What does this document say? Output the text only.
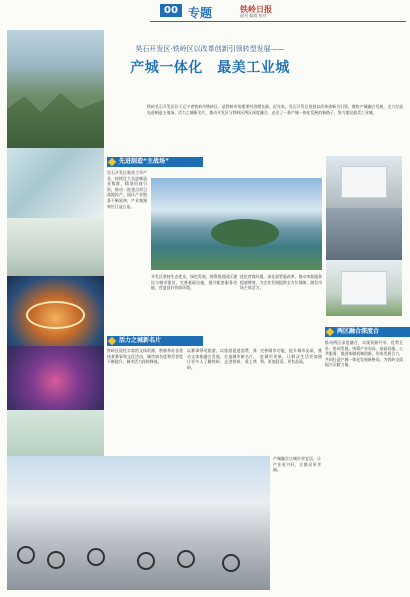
00 专题	铁岭日报
副刊 编辑 校对
昊石开发区·铁岭区以改革创新引领转型发展——
产城一体化　最美工业城
先进制造“主战场”
活力之城新名片
两区融合深度合
铁岭昊石开发区位于辽宁省铁岭市铁岭区，是铁岭市的重要经济增长极。近年来，昊石开发区坚持以改革创新为引领，聚焦产城融合发展，全力打造先进制造主战场、活力之城新名片，推动开发区与铁岭区两区深度融合，走出了一条产城一体化发展的新路子，努力建设最美工业城。
昊石开发区聚焦主导产业，持续壮大先进制造业集群，精准招商引资，推动一批重点项目落地投产，园区产业链条不断延伸，产业集聚效应日益凸显。
开发区坚持生态优先，绿色发展，统筹推进园区建设与城市建设，完善基础设施，提升配套服务功能，营造良好营商环境。
优化营商环境，深化放管服改革，推动审批服务提速增效，为企业发展提供全方位保障，激发市场主体活力。
铁岭区依托丰富的文体资源，积极举办各类体育赛事和文化活动，城市知名度和美誉度不断提升，城市活力持续释放。
以赛事带动旅游、以旅游促进消费，推动文体旅融合发展，打造城市新名片，让更多人了解铁岭、走进铁岭、爱上铁岭。
完善城市功能，提升城市品质，推进城市更新，让群众生活更加便利、更加舒适、更有品质。
推动两区深度融合，实现资源共享、优势互补、协同发展。统筹产业布局、基础设施、公共服务，推进体制机制创新，形成发展合力，共同打造产城一体化发展新格局，为铁岭全面振兴贡献力量。
产城融合让城市更宜居，让产业更兴旺，让群众更幸福。
